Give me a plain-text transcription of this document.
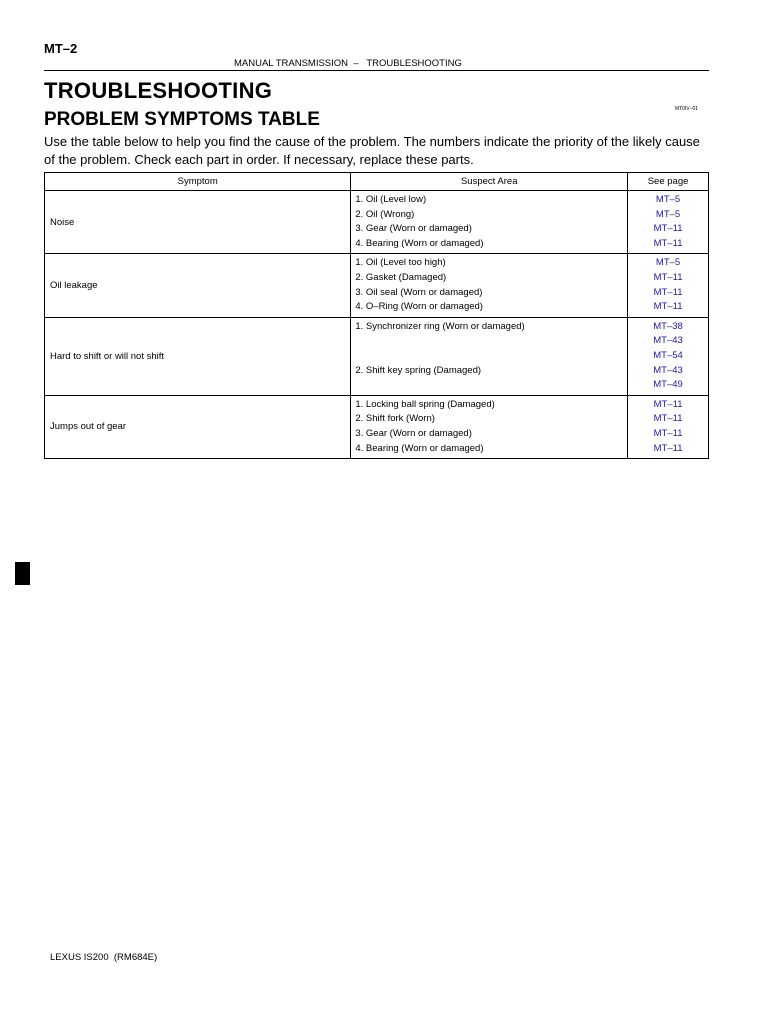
MT–2
MANUAL TRANSMISSION  –   TROUBLESHOOTING
TROUBLESHOOTING
MT0IV–01
PROBLEM SYMPTOMS TABLE
Use the table below to help you find the cause of the problem. The numbers indicate the priority of the likely cause of the problem. Check each part in order. If necessary, replace these parts.
Symptom	Suspect Area	See page
Noise	1. Oil (Level low)
2. Oil (Wrong)
3. Gear (Worn or damaged)
4. Bearing (Worn or damaged)	MT–5
MT–5
MT–11
MT–11

Oil leakage	1. Oil (Level too high)
2. Gasket (Damaged)
3. Oil seal (Worn or damaged)
4. O–Ring (Worn or damaged)	MT–5
MT–11
MT–11
MT–11

Hard to shift or will not shift	1. Synchronizer ring (Worn or damaged)
2. Shift key spring (Damaged)	MT–38
MT–43
MT–54
MT–43
MT–49

Jumps out of gear	1. Locking ball spring (Damaged)
2. Shift fork (Worn)
3. Gear (Worn or damaged)
4. Bearing (Worn or damaged)	MT–11
MT–11
MT–11
MT–11
LEXUS IS200  (RM684E)
